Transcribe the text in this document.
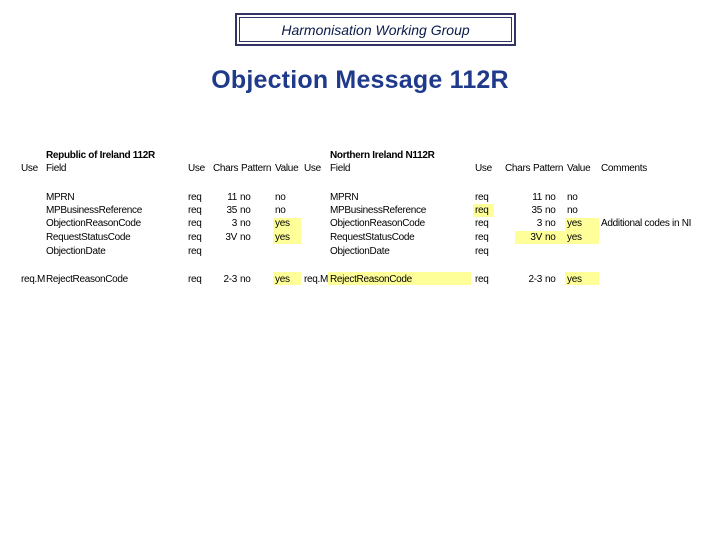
Harmonisation Working Group
Objection Message 112R
Republic of Ireland 112R	Northern Ireland N112R
Use Field	Use Chars Pattern Value Use Field	Use Chars Pattern Value Comments
MPRN	req	11 no no	MPRN	req	11 no no
MPBusinessReference	req	35 no no	MPBusinessReference	req	35 no no
ObjectionReasonCode	req	3 no yes	ObjectionReasonCode	req	3 no yes Additional codes in NI
RequestStatusCode	req	3V no yes	RequestStatusCode	req	3V no yes
ObjectionDate	req	ObjectionDate	req
req.M RejectReasonCode	req	2-3 no yes req.M RejectReasonCode	req	2-3 no yes
